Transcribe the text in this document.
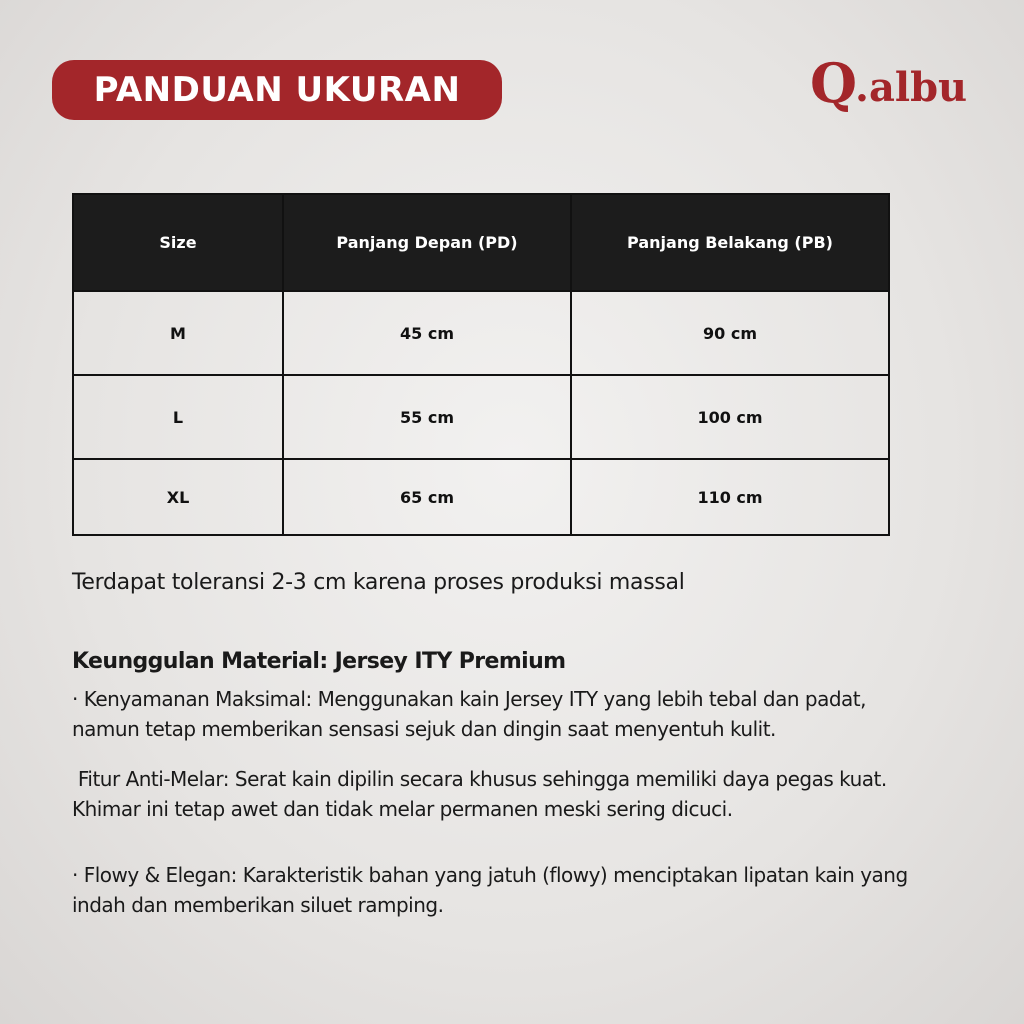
PANDUAN UKURAN	Q
.albu
Size	Panjang Depan (PD)	Panjang Belakang (PB)
M	45 cm	90 cm
L	55 cm	100 cm
XL	65 cm	110 cm
Terdapat toleransi 2-3 cm karena proses produksi massal
Keunggulan Material: Jersey ITY Premium

· Kenyamanan Maksimal: Menggunakan kain Jersey ITY yang lebih tebal dan padat, namun tetap memberikan sensasi sejuk dan dingin saat menyentuh kulit.

Fitur Anti-Melar: Serat kain dipilin secara khusus sehingga memiliki daya pegas kuat. Khimar ini tetap awet dan tidak melar permanen meski sering dicuci.

· Flowy & Elegan: Karakteristik bahan yang jatuh (flowy) menciptakan lipatan kain yang indah dan memberikan siluet ramping.
